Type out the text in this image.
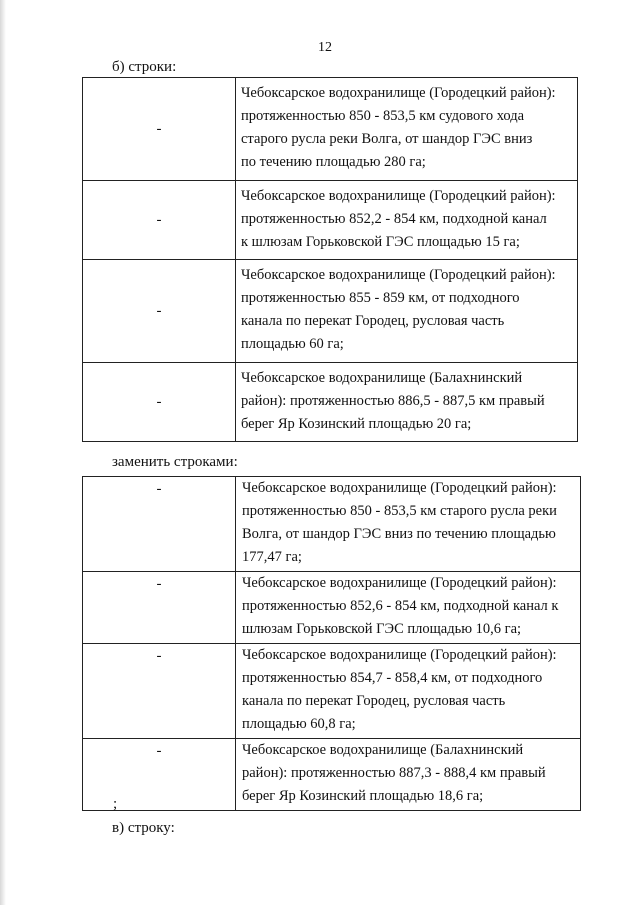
12
б) строки:
-	Чебоксарское водохранилище (Городецкий район):
протяженностью 850 - 853,5 км судового хода
старого русла реки Волга, от шандор ГЭС вниз
по течению площадью 280 га;
-	Чебоксарское водохранилище (Городецкий район):
протяженностью 852,2 - 854 км, подходной канал
к шлюзам Горьковской ГЭС площадью 15 га;
-	Чебоксарское водохранилище (Городецкий район):
протяженностью 855 - 859 км, от подходного
канала по перекат Городец, русловая часть
площадью 60 га;
-	Чебоксарское водохранилище (Балахнинский
район): протяженностью 886,5 - 887,5 км правый
берег Яр Козинский площадью 20 га;
заменить строками:
-	Чебоксарское водохранилище (Городецкий район):
протяженностью 850 - 853,5 км старого русла реки
Волга, от шандор ГЭС вниз по течению площадью
177,47 га;
-	Чебоксарское водохранилище (Городецкий район):
протяженностью 852,6 - 854 км, подходной канал к
шлюзам Горьковской ГЭС площадью 10,6 га;
-	Чебоксарское водохранилище (Городецкий район):
протяженностью 854,7 - 858,4 км, от подходного
канала по перекат Городец, русловая часть
площадью 60,8 га;
-	Чебоксарское водохранилище (Балахнинский
район): протяженностью 887,3 - 888,4 км правый
берег Яр Козинский площадью 18,6 га;
;
в) строку:
